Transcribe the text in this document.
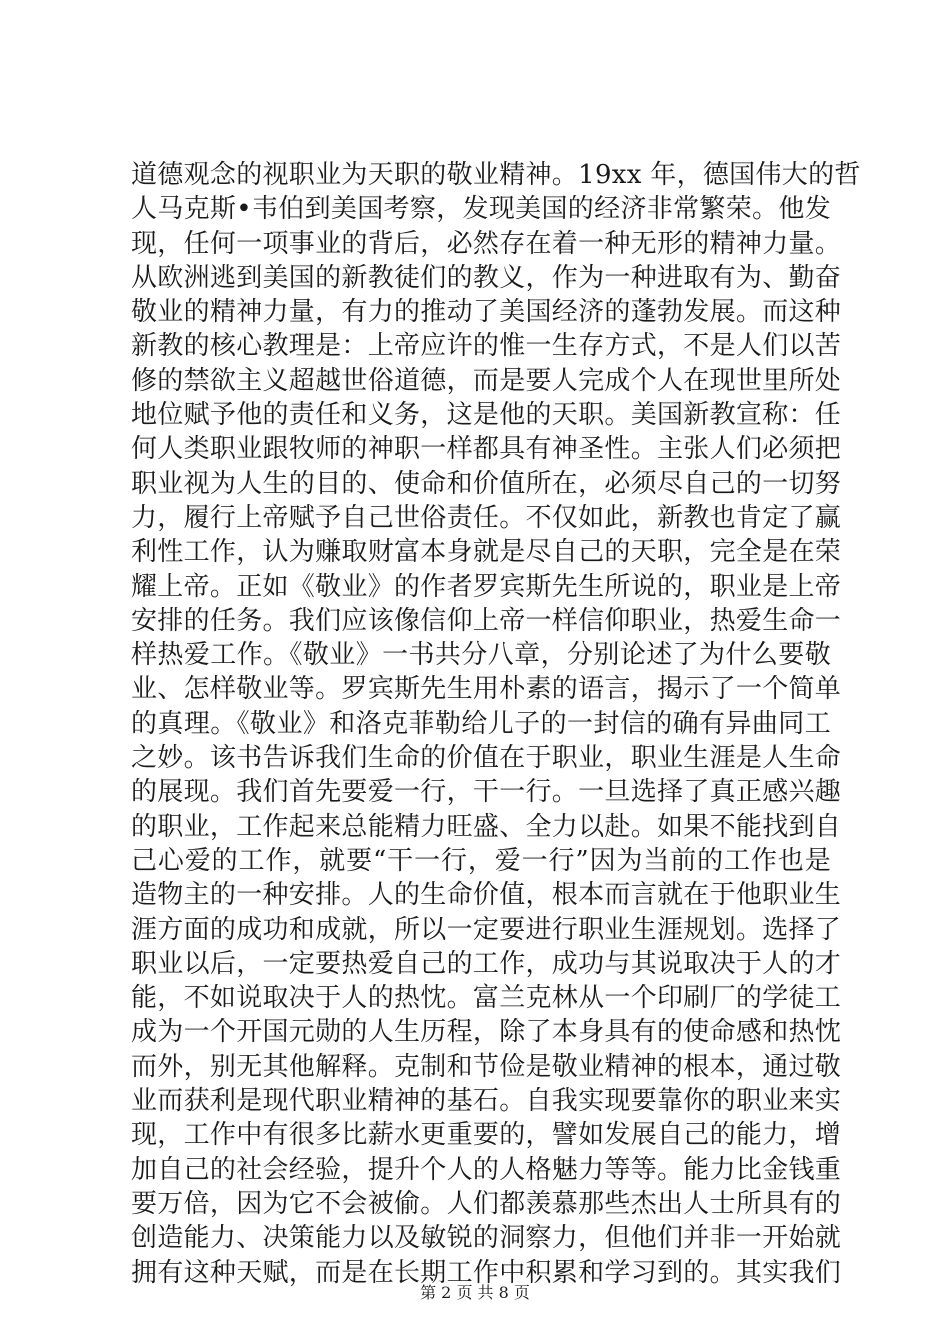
道德观念的视职业为天职的敬业精神。19xx 年，德国伟大的哲
人马克斯•韦伯到美国考察，发现美国的经济非常繁荣。他发
现，任何一项事业的背后，必然存在着一种无形的精神力量。
从欧洲逃到美国的新教徒们的教义，作为一种进取有为、勤奋
敬业的精神力量，有力的推动了美国经济的蓬勃发展。而这种
新教的核心教理是：上帝应许的惟一生存方式，不是人们以苦
修的禁欲主义超越世俗道德，而是要人完成个人在现世里所处
地位赋予他的责任和义务，这是他的天职。美国新教宣称：任
何人类职业跟牧师的神职一样都具有神圣性。主张人们必须把
职业视为人生的目的、使命和价值所在，必须尽自己的一切努
力，履行上帝赋予自己世俗责任。不仅如此，新教也肯定了赢
利性工作，认为赚取财富本身就是尽自己的天职，完全是在荣
耀上帝。正如《敬业》的作者罗宾斯先生所说的，职业是上帝
安排的任务。我们应该像信仰上帝一样信仰职业，热爱生命一
样热爱工作。《敬业》一书共分八章，分别论述了为什么要敬
业、怎样敬业等。罗宾斯先生用朴素的语言，揭示了一个简单
的真理。《敬业》和洛克菲勒给儿子的一封信的确有异曲同工
之妙。该书告诉我们生命的价值在于职业，职业生涯是人生命
的展现。我们首先要爱一行，干一行。一旦选择了真正感兴趣
的职业，工作起来总能精力旺盛、全力以赴。如果不能找到自
己心爱的工作，就要“干一行，爱一行”因为当前的工作也是
造物主的一种安排。人的生命价值，根本而言就在于他职业生
涯方面的成功和成就，所以一定要进行职业生涯规划。选择了
职业以后，一定要热爱自己的工作，成功与其说取决于人的才
能，不如说取决于人的热忱。富兰克林从一个印刷厂的学徒工
成为一个开国元勋的人生历程，除了本身具有的使命感和热忱
而外，别无其他解释。克制和节俭是敬业精神的根本，通过敬
业而获利是现代职业精神的基石。自我实现要靠你的职业来实
现，工作中有很多比薪水更重要的，譬如发展自己的能力，增
加自己的社会经验，提升个人的人格魅力等等。能力比金钱重
要万倍，因为它不会被偷。人们都羡慕那些杰出人士所具有的
创造能力、决策能力以及敏锐的洞察力，但他们并非一开始就
拥有这种天赋，而是在长期工作中积累和学习到的。其实我们
第 2 页 共 8 页
